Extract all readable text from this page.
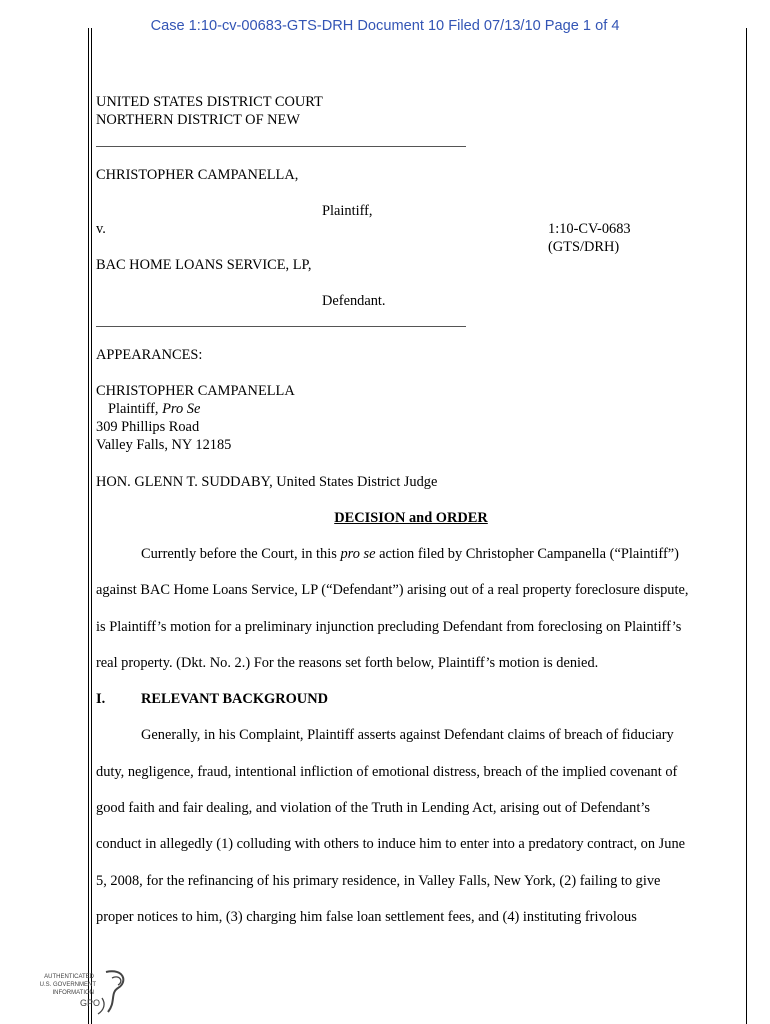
Case 1:10-cv-00683-GTS-DRH Document 10 Filed 07/13/10 Page 1 of 4
UNITED STATES DISTRICT COURT
NORTHERN DISTRICT OF NEW
CHRISTOPHER CAMPANELLA,
Plaintiff,
v.	1:10-CV-0683
(GTS/DRH)
BAC HOME LOANS SERVICE, LP,
Defendant.
APPEARANCES:
CHRISTOPHER CAMPANELLA
Plaintiff, Pro Se
309 Phillips Road
Valley Falls, NY 12185
HON. GLENN T. SUDDABY, United States District Judge
DECISION and ORDER
Currently before the Court, in this pro se action filed by Christopher Campanella (“Plaintiff”)
against BAC Home Loans Service, LP (“Defendant”) arising out of a real property foreclosure dispute,
is Plaintiff’s motion for a preliminary injunction precluding Defendant from foreclosing on Plaintiff’s
real property. (Dkt. No. 2.) For the reasons set forth below, Plaintiff’s motion is denied.
I. RELEVANT BACKGROUND
Generally, in his Complaint, Plaintiff asserts against Defendant claims of breach of fiduciary
duty, negligence, fraud, intentional infliction of emotional distress, breach of the implied covenant of
good faith and fair dealing, and violation of the Truth in Lending Act, arising out of Defendant’s
conduct in allegedly (1) colluding with others to induce him to enter into a predatory contract, on June
5, 2008, for the refinancing of his primary residence, in Valley Falls, New York, (2) failing to give
proper notices to him, (3) charging him false loan settlement fees, and (4) instituting frivolous
AUTHENTICATED
U.S. GOVERNMENT
INFORMATION
GPO
